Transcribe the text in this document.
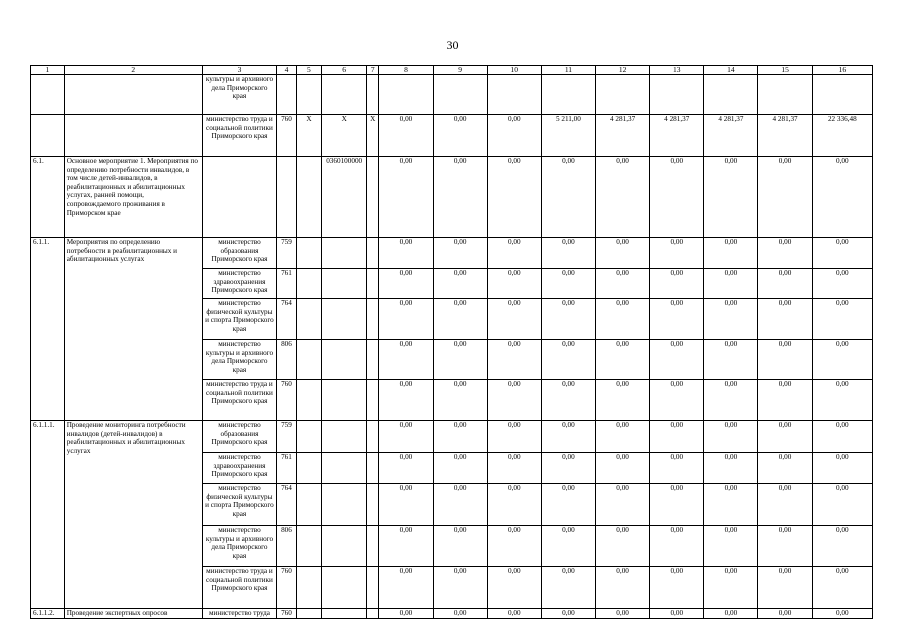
30
1	2	3	4	5	6	7	8	9	10	11	12	13	14	15	16
		культуры и архивного дела Приморского края													
		министерство труда и социальной политики Приморского края	760	X	X	X	0,00	0,00	0,00	5 211,00	4 281,37	4 281,37	4 281,37	4 281,37	22 336,48
6.1.	Основное мероприятие 1. Мероприятия по определению потребности инвалидов, в том числе детей-инвалидов, в реабилитационных и абилитационных услугах, ранней помощи, сопровождаемого проживания в Приморском крае				0360100000		0,00	0,00	0,00	0,00	0,00	0,00	0,00	0,00	0,00
6.1.1.	Мероприятия по определению потребности в реабилитационных и абилитационных услугах	министерство образования Приморского края	759				0,00	0,00	0,00	0,00	0,00	0,00	0,00	0,00	0,00
		министерство здравоохранения Приморского края	761				0,00	0,00	0,00	0,00	0,00	0,00	0,00	0,00	0,00
		министерство физической культуры и спорта Приморского края	764				0,00	0,00	0,00	0,00	0,00	0,00	0,00	0,00	0,00
		министерство культуры и архивного дела Приморского края	806				0,00	0,00	0,00	0,00	0,00	0,00	0,00	0,00	0,00
		министерство труда и социальной политики Приморского края	760				0,00	0,00	0,00	0,00	0,00	0,00	0,00	0,00	0,00
6.1.1.1.	Проведение мониторинга потребности инвалидов (детей-инвалидов) в реабилитационных и абилитационных услугах	министерство образования Приморского края	759				0,00	0,00	0,00	0,00	0,00	0,00	0,00	0,00	0,00
		министерство здравоохранения Приморского края	761				0,00	0,00	0,00	0,00	0,00	0,00	0,00	0,00	0,00
		министерство физической культуры и спорта Приморского края	764				0,00	0,00	0,00	0,00	0,00	0,00	0,00	0,00	0,00
		министерство культуры и архивного дела Приморского края	806				0,00	0,00	0,00	0,00	0,00	0,00	0,00	0,00	0,00
		министерство труда и социальной политики Приморского края	760				0,00	0,00	0,00	0,00	0,00	0,00	0,00	0,00	0,00
6.1.1.2.	Проведение экспертных опросов	министерство труда	760				0,00	0,00	0,00	0,00	0,00	0,00	0,00	0,00	0,00
